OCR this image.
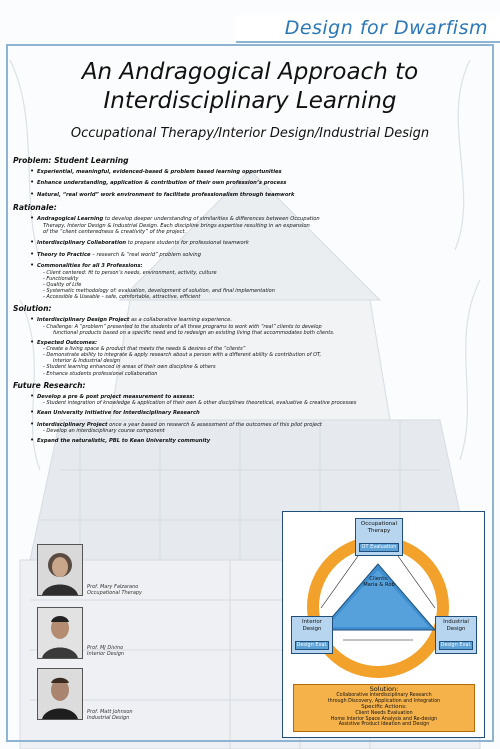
Design for Dwarfism
An Andragogical Approach to
Interdisciplinary Learning
Occupational Therapy/Interior Design/Industrial Design
Problem: Student Learning
• Experiential, meaningful, evidenced-based & problem based learning opportunities
• Enhance understanding, application & contribution of their own profession’s process
• Natural, “real world” work environment to facilitate professionalism through teamwork
Rationale:
• Andragogical Learning to develop deeper understanding of similarities & differences between Occupation
Therapy, Interior Design & Industrial Design. Each discipline brings expertise resulting in an expansion
of the “client centeredness & creativity” of the project.
• Interdisciplinary Collaboration to prepare students for professional teamwork
• Theory to Practice – research & “real world” problem solving
• Commonalities for all 3 Professions:
- Client centered: fit to person’s needs, environment, activity, culture
- Functionality
- Quality of Life
- Systematic methodology of: evaluation, development of solution, and final implementation
- Accessible & Useable – safe, comfortable, attractive, efficient
Solution:
• Interdisciplinary Design Project as a collaborative learning experience.
- Challenge: A “problem” presented to the students of all three programs to work with “real” clients to develop
functional products based on a specific need and to redesign an existing living that accommodates both clients.
• Expected Outcomes:
- Create a living space & product that meets the needs & desires of the “clients”
- Demonstrate ability to integrate & apply research about a person with a different ability & contribution of OT,
Interior & Industrial design
- Student learning enhanced in areas of their own discipline & others
- Enhance students professional collaboration
Future Research:
• Develop a pre & post project measurement to assess:
- Student integration of knowledge & application of their own & other disciplines theoretical, evaluative & creative processes
• Kean University Initiative for Interdisciplinary Research
• Interdisciplinary Project once a year based on research & assessment of the outcomes of this pilot project
- Develop an interdisciplinary course component
• Expand the naturalistic, PBL to Kean University community
Prof. Mary Falzarano
Occupational Therapy
Prof. MJ Divino
Interior Design
Prof. Matt Johnson
Industrial Design
Clients:
Maria & Rob
Occupational
Therapy
OT Evaluation
Interior
Design
Design Eval.
Industrial
Design
Design Eval.
Solution:
Collaborative Interdisciplinary Research
through Discovery, Application and Integration
Specific Actions:
Client Needs Evaluation
Home Interior Space Analysis and Re-design
Assistive Product Ideation and Design
